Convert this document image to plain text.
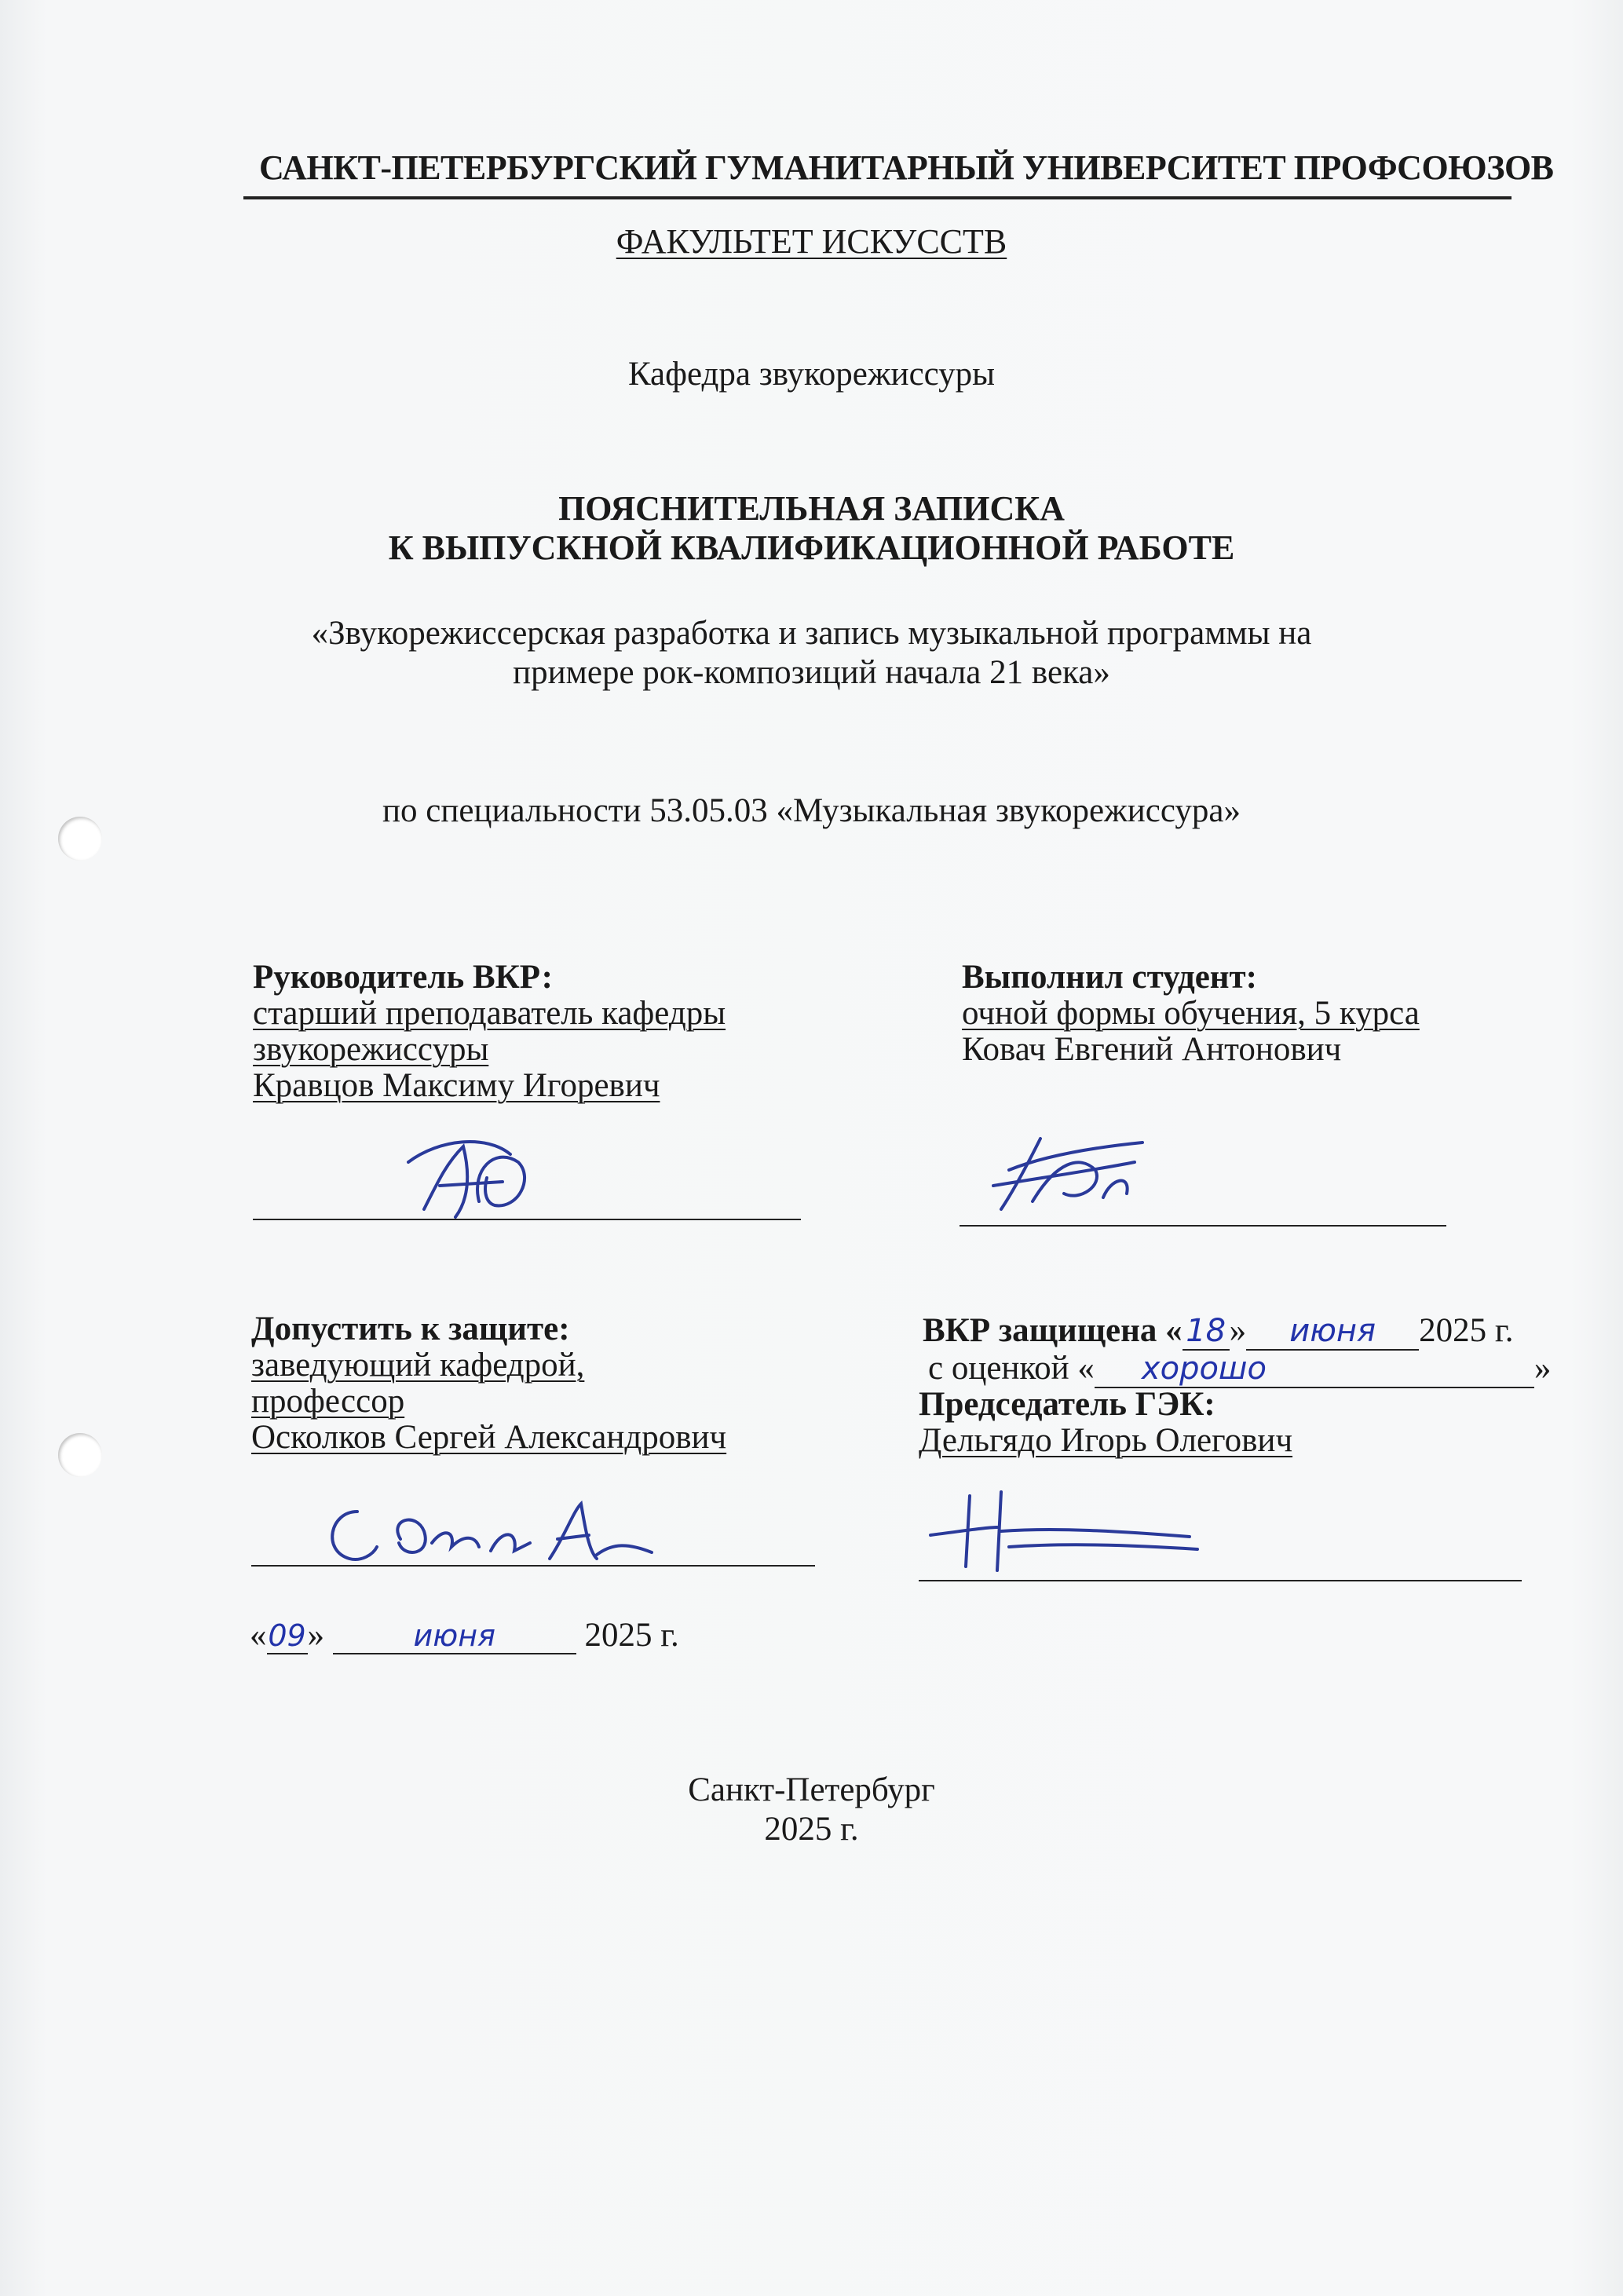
САНКТ-ПЕТЕРБУРГСКИЙ ГУМАНИТАРНЫЙ УНИВЕРСИТЕТ ПРОФСОЮЗОВ
ФАКУЛЬТЕТ ИСКУССТВ
Кафедра звукорежиссуры
ПОЯСНИТЕЛЬНАЯ ЗАПИСКА
К ВЫПУСКНОЙ КВАЛИФИКАЦИОННОЙ РАБОТЕ
«Звукорежиссерская разработка и запись музыкальной программы на
примере рок-композиций начала 21 века»
по специальности 53.05.03 «Музыкальная звукорежиссура»
Руководитель ВКР:
старший преподаватель кафедры
звукорежиссуры
Кравцов Максиму Игоревич
Выполнил студент:
очной формы обучения, 5 курса
Ковач Евгений Антонович
Допустить к защите:
заведующий кафедрой,
профессор
Осколков Сергей Александрович
«09»	июня	2025 г.
ВКР защищена « 18 » июня 2025 г.
с оценкой « хорошо	»
Председатель ГЭК:
Дельгядо Игорь Олегович
Санкт-Петербург
2025 г.
